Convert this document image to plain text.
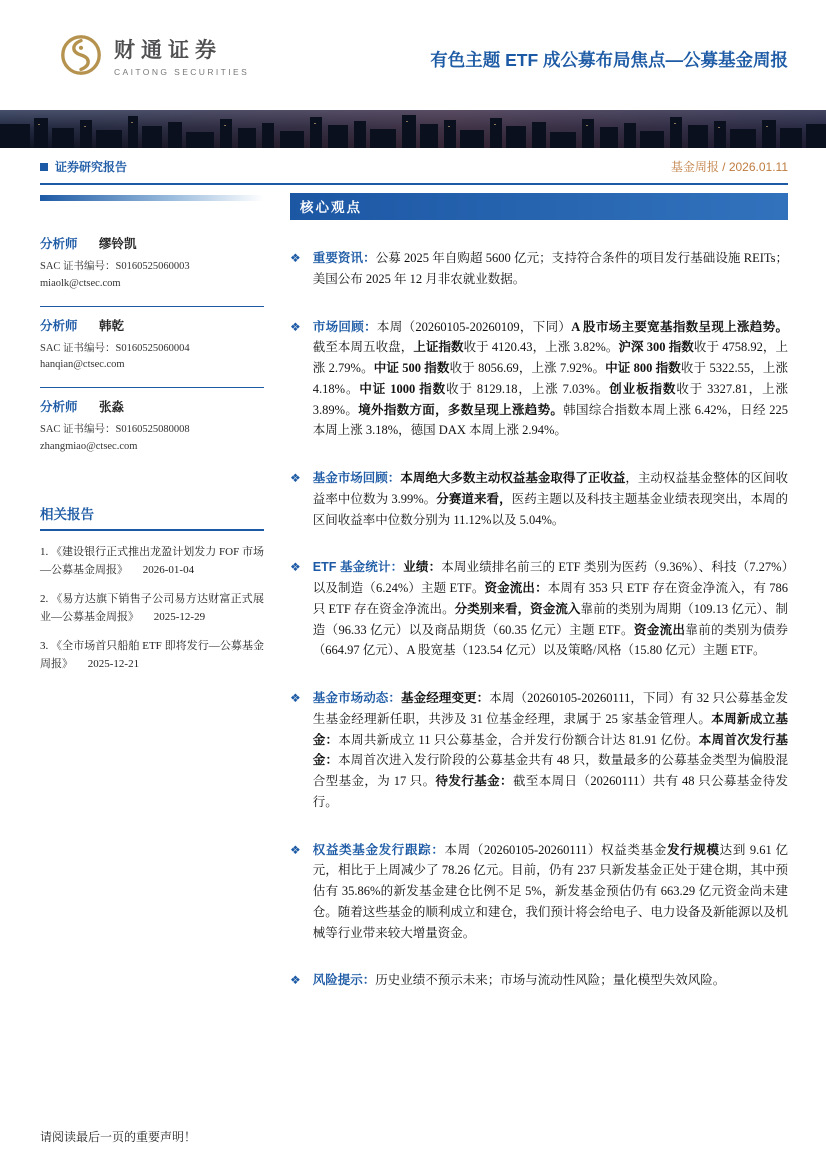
财通证券
CAITONG SECURITIES
有色主题 ETF 成公募布局焦点—公募基金周报
证券研究报告	基金周报 / 2026.01.11
分析师 缪铃凯
SAC 证书编号：S0160525060003
miaolk@ctsec.com
分析师 韩乾
SAC 证书编号：S0160525060004
hanqian@ctsec.com
分析师 张淼
SAC 证书编号：S0160525080008
zhangmiao@ctsec.com
相关报告
1. 《建设银行正式推出龙盈计划发力 FOF 市场—公募基金周报》 2026-01-04
2. 《易方达旗下销售子公司易方达财富正式展业—公募基金周报》 2025-12-29
3. 《全市场首只船舶 ETF 即将发行—公募基金周报》 2025-12-21
核心观点
❖ 重要资讯：公募 2025 年自购超 5600 亿元；支持符合条件的项目发行基础设施 REITs；美国公布 2025 年 12 月非农就业数据。

❖ 市场回顾：本周（20260105-20260109，下同）A 股市场主要宽基指数呈现上涨趋势。截至本周五收盘，上证指数收于 4120.43，上涨 3.82%。沪深 300 指数收于 4758.92，上涨 2.79%。中证 500 指数收于 8056.69，上涨 7.92%。中证 800 指数收于 5322.55，上涨 4.18%。中证 1000 指数收于 8129.18，上涨 7.03%。创业板指数收于 3327.81，上涨 3.89%。境外指数方面，多数呈现上涨趋势。韩国综合指数本周上涨 6.42%，日经 225 本周上涨 3.18%，德国 DAX 本周上涨 2.94%。

❖ 基金市场回顾：本周绝大多数主动权益基金取得了正收益，主动权益基金整体的区间收益率中位数为 3.99%。分赛道来看，医药主题以及科技主题基金业绩表现突出，本周的区间收益率中位数分别为 11.12%以及 5.04%。

❖ ETF 基金统计：业绩：本周业绩排名前三的 ETF 类别为医药（9.36%）、科技（7.27%）以及制造（6.24%）主题 ETF。资金流出：本周有 353 只 ETF 存在资金净流入，有 786 只 ETF 存在资金净流出。分类别来看，资金流入靠前的类别为周期（109.13 亿元）、制造（96.33 亿元）以及商品期货（60.35 亿元）主题 ETF。资金流出靠前的类别为债券（664.97 亿元）、A 股宽基（123.54 亿元）以及策略/风格（15.80 亿元）主题 ETF。

❖ 基金市场动态：基金经理变更：本周（20260105-20260111，下同）有 32 只公募基金发生基金经理新任职，共涉及 31 位基金经理，隶属于 25 家基金管理人。本周新成立基金：本周共新成立 11 只公募基金，合并发行份额合计达 81.91 亿份。本周首次发行基金：本周首次进入发行阶段的公募基金共有 48 只，数量最多的公募基金类型为偏股混合型基金，为 17 只。待发行基金：截至本周日（20260111）共有 48 只公募基金待发行。

❖ 权益类基金发行跟踪：本周（20260105-20260111）权益类基金发行规模达到 9.61 亿元，相比于上周减少了 78.26 亿元。目前，仍有 237 只新发基金正处于建仓期，其中预估有 35.86%的新发基金建仓比例不足 5%，新发基金预估仍有 663.29 亿元资金尚未建仓。随着这些基金的顺利成立和建仓，我们预计将会给电子、电力设备及新能源以及机械等行业带来较大增量资金。

❖ 风险提示：历史业绩不预示未来；市场与流动性风险；量化模型失效风险。

请阅读最后一页的重要声明！
